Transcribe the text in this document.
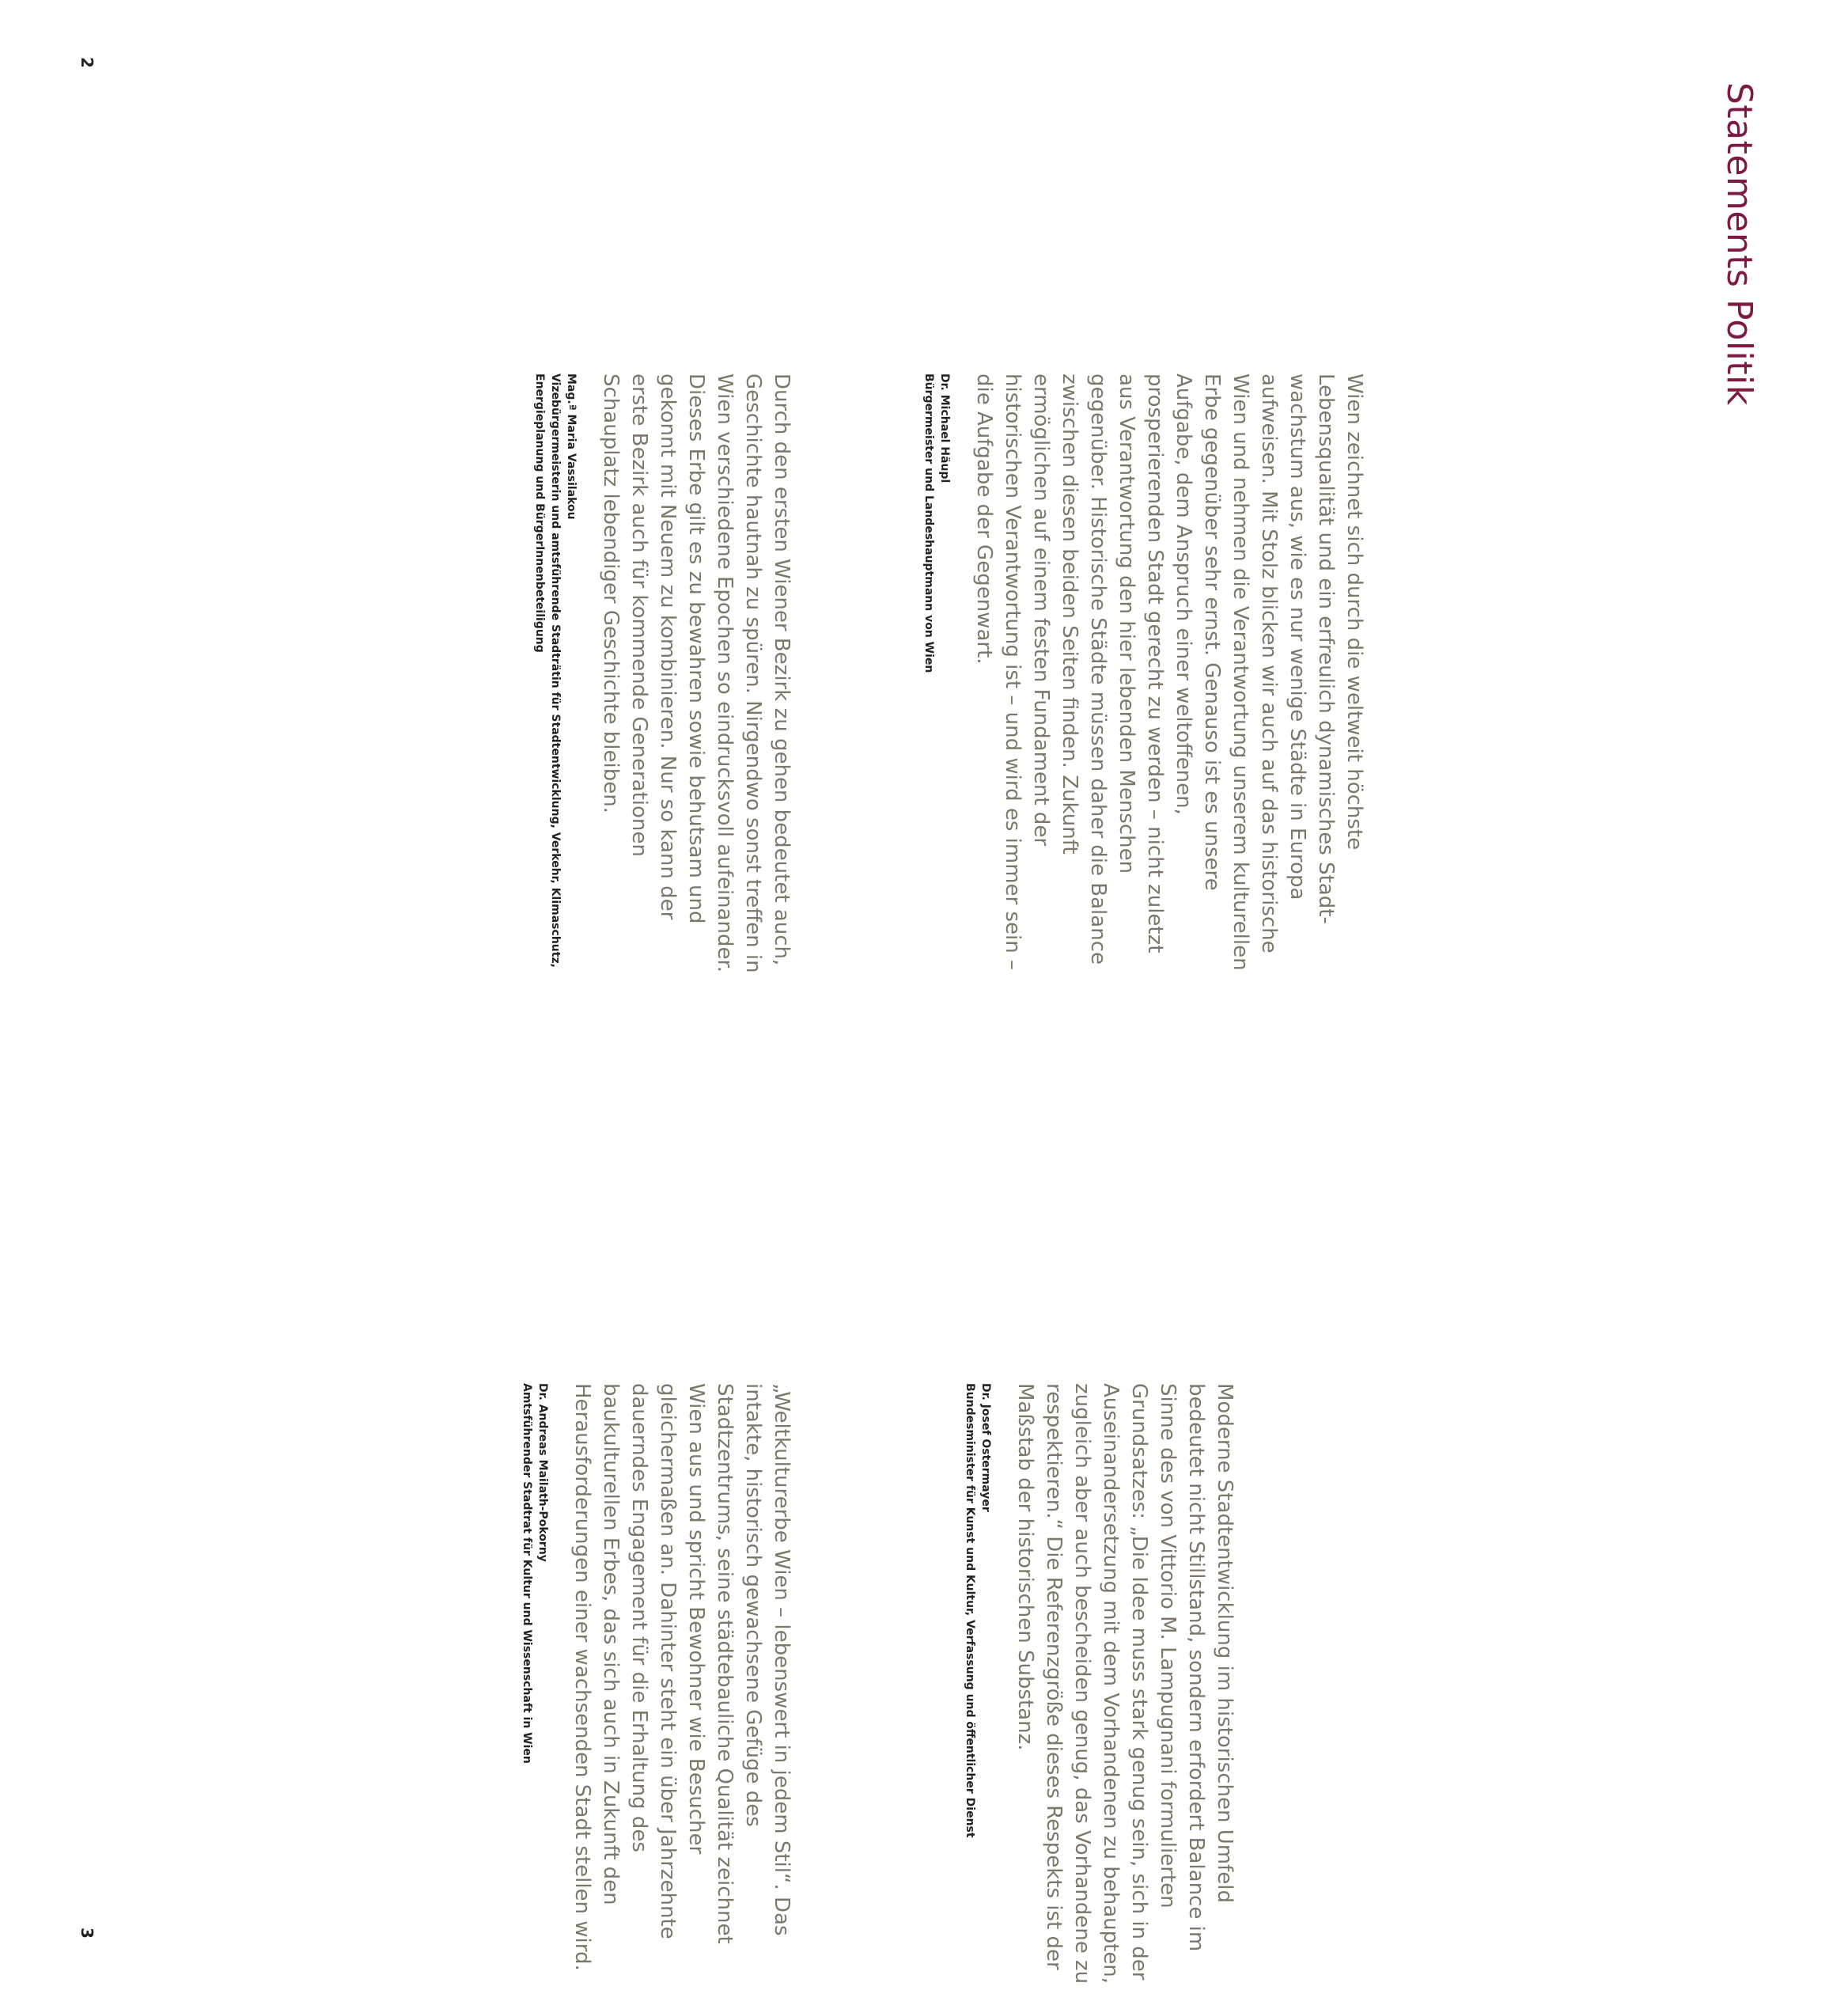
Statements Politik

Wien zeichnet sich durch die weltweit höchste Lebensqualität und ein erfreulich dynamisches Stadtwachstum aus, wie es nur wenige Städte in Europa aufweisen. Mit Stolz blicken wir auch auf das historische Wien und nehmen die Verantwortung unserem kulturellen Erbe gegenüber sehr ernst. Genauso ist es unsere Aufgabe, dem Anspruch einer weltoffenen, prosperierenden Stadt gerecht zu werden – nicht zuletzt aus Verantwortung den hier lebenden Menschen gegenüber. Historische Städte müssen daher die Balance zwischen diesen beiden Seiten finden. Zukunft ermöglichen auf einem festen Fundament der historischen Verantwortung ist – und wird es immer sein – die Aufgabe der Gegenwart.

Dr. Michael Häupl
Bürgermeister und Landeshauptmann von Wien

Durch den ersten Wiener Bezirk zu gehen bedeutet auch, Geschichte hautnah zu spüren. Nirgendwo sonst treffen in Wien verschiedene Epochen so eindrucksvoll aufeinander. Dieses Erbe gilt es zu bewahren sowie behutsam und gekonnt mit Neuem zu kombinieren. Nur so kann der erste Bezirk auch für kommende Generationen Schauplatz lebendiger Geschichte bleiben.

Mag.ª Maria Vassilakou
Vizebürgermeisterin und amtsführende Stadträtin für Stadtentwicklung, Verkehr, Klimaschutz, Energieplanung und BürgerInnenbeteiligung

Moderne Stadtentwicklung im historischen Umfeld bedeutet nicht Stillstand, sondern erfordert Balance im Sinne des von Vittorio M. Lampugnani formulierten Grundsatzes: „Die Idee muss stark genug sein, sich in der Auseinandersetzung mit dem Vorhandenen zu behaupten, zugleich aber auch bescheiden genug, das Vorhandene zu respektieren.“ Die Referenzgröße dieses Respekts ist der Maßstab der historischen Substanz.

Dr. Josef Ostermayer
Bundesminister für Kunst und Kultur, Verfassung und öffentlicher Dienst

„Weltkulturerbe Wien – lebenswert in jedem Stil“. Das intakte, historisch gewachsene Gefüge des Stadtzentrums, seine städtebauliche Qualität zeichnet Wien aus und spricht Bewohner wie Besucher gleichermaßen an. Dahinter steht ein über Jahrzehnte dauerndes Engagement für die Erhaltung des baukulturellen Erbes, das sich auch in Zukunft den Herausforderungen einer wachsenden Stadt stellen wird.

Dr. Andreas Mailath-Pokorny
Amtsführender Stadtrat für Kultur und Wissenschaft in Wien
2
3
